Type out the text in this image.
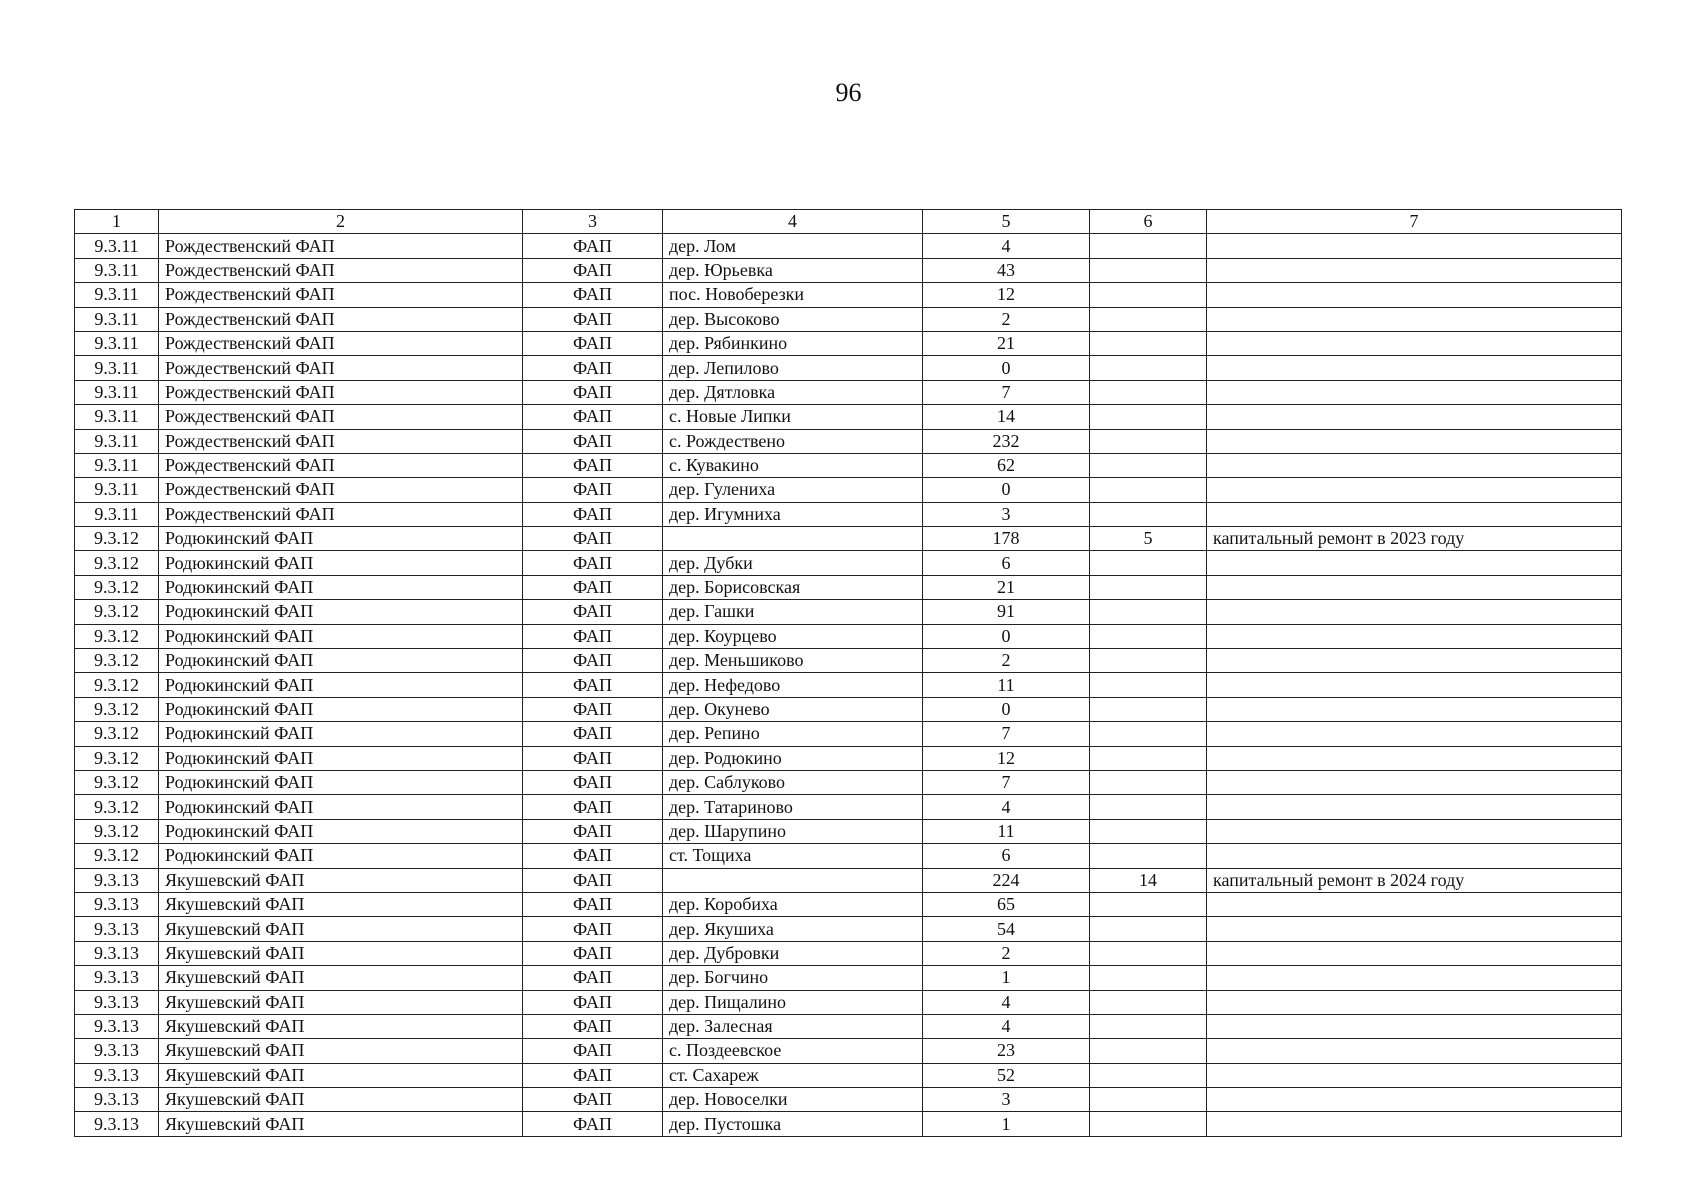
96
1	2	3	4	5	6	7
9.3.11	Рождественский ФАП	ФАП	дер. Лом	4		
9.3.11	Рождественский ФАП	ФАП	дер. Юрьевка	43		
9.3.11	Рождественский ФАП	ФАП	пос. Новоберезки	12		
9.3.11	Рождественский ФАП	ФАП	дер. Высоково	2		
9.3.11	Рождественский ФАП	ФАП	дер. Рябинкино	21		
9.3.11	Рождественский ФАП	ФАП	дер. Лепилово	0		
9.3.11	Рождественский ФАП	ФАП	дер. Дятловка	7		
9.3.11	Рождественский ФАП	ФАП	с. Новые Липки	14		
9.3.11	Рождественский ФАП	ФАП	с. Рождествено	232		
9.3.11	Рождественский ФАП	ФАП	с. Кувакино	62		
9.3.11	Рождественский ФАП	ФАП	дер. Гулениха	0		
9.3.11	Рождественский ФАП	ФАП	дер. Игумниха	3		
9.3.12	Родюкинский ФАП	ФАП		178	5	капитальный ремонт в 2023 году
9.3.12	Родюкинский ФАП	ФАП	дер. Дубки	6		
9.3.12	Родюкинский ФАП	ФАП	дер. Борисовская	21		
9.3.12	Родюкинский ФАП	ФАП	дер. Гашки	91		
9.3.12	Родюкинский ФАП	ФАП	дер. Коурцево	0		
9.3.12	Родюкинский ФАП	ФАП	дер. Меньшиково	2		
9.3.12	Родюкинский ФАП	ФАП	дер. Нефедово	11		
9.3.12	Родюкинский ФАП	ФАП	дер. Окунево	0		
9.3.12	Родюкинский ФАП	ФАП	дер. Репино	7		
9.3.12	Родюкинский ФАП	ФАП	дер. Родюкино	12		
9.3.12	Родюкинский ФАП	ФАП	дер. Саблуково	7		
9.3.12	Родюкинский ФАП	ФАП	дер. Татариново	4		
9.3.12	Родюкинский ФАП	ФАП	дер. Шарупино	11		
9.3.12	Родюкинский ФАП	ФАП	ст. Тощиха	6		
9.3.13	Якушевский ФАП	ФАП		224	14	капитальный ремонт в 2024 году
9.3.13	Якушевский ФАП	ФАП	дер. Коробиха	65		
9.3.13	Якушевский ФАП	ФАП	дер. Якушиха	54		
9.3.13	Якушевский ФАП	ФАП	дер. Дубровки	2		
9.3.13	Якушевский ФАП	ФАП	дер. Богчино	1		
9.3.13	Якушевский ФАП	ФАП	дер. Пищалино	4		
9.3.13	Якушевский ФАП	ФАП	дер. Залесная	4		
9.3.13	Якушевский ФАП	ФАП	с. Поздеевское	23		
9.3.13	Якушевский ФАП	ФАП	ст. Сахареж	52		
9.3.13	Якушевский ФАП	ФАП	дер. Новоселки	3		
9.3.13	Якушевский ФАП	ФАП	дер. Пустошка	1		
